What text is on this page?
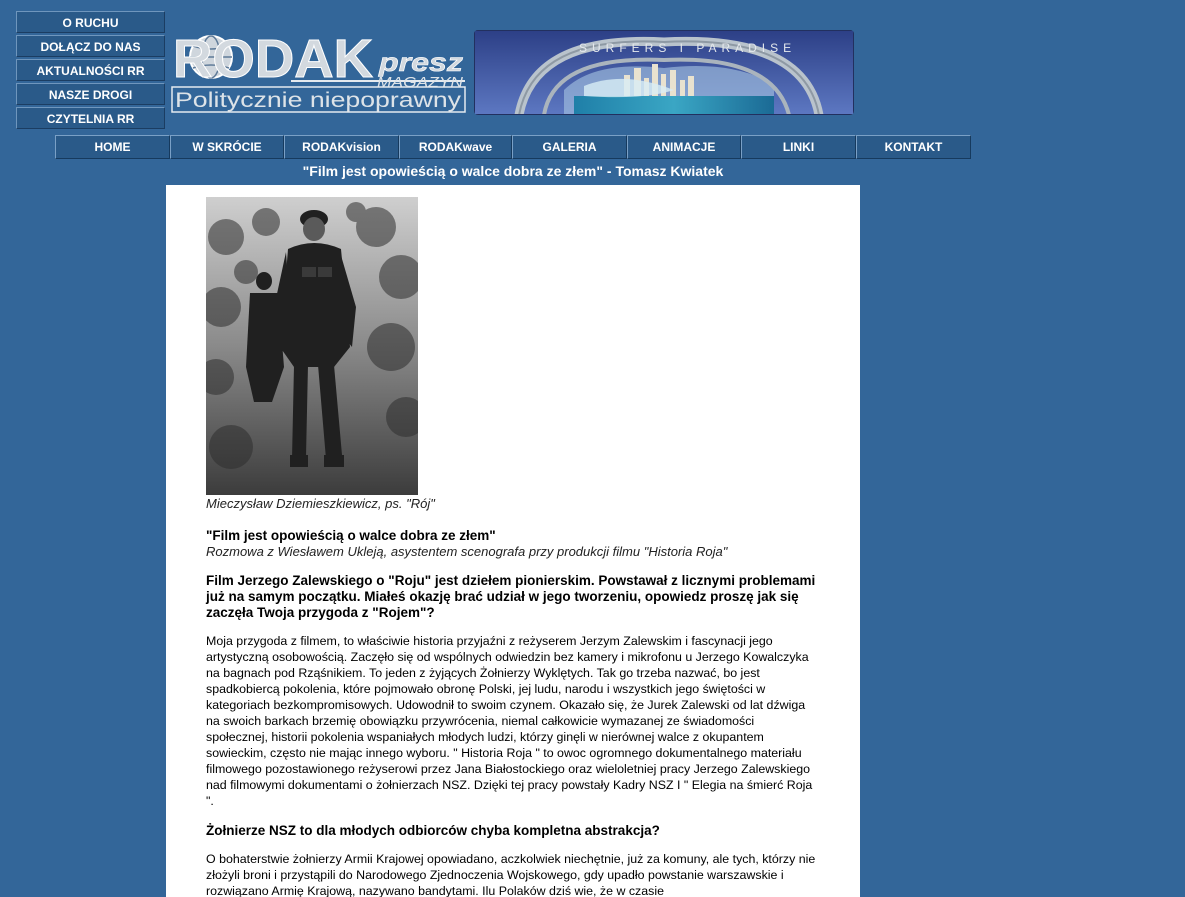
O RUCHU
DOŁĄCZ DO NAS
AKTUALNOŚCI RR
NASZE DROGI
CZYTELNIA RR
RODAK presz
MAGAZYN
Politycznie niepoprawny
SURFERS I PARADISE
HOME	W SKRÓCIE	RODAKvision	RODAKwave	GALERIA	ANIMACJE	LINKI	KONTAKT
"Film jest opowieścią o walce dobra ze złem" - Tomasz Kwiatek
Mieczysław Dziemieszkiewicz, ps. "Rój"
"Film jest opowieścią o walce dobra ze złem"
Rozmowa z Wiesławem Uklеją, asystentem scenografa przy produkcji filmu "Historia Roja"
Film Jerzego Zalewskiego o "Roju" jest dziełem pionierskim. Powstawał z licznymi problemami już na samym początku. Miałeś okazję brać udział w jego tworzeniu, opowiedz proszę jak się zaczęła Twoja przygoda z "Rojem"?
Moja przygoda z filmem, to właściwie historia przyjaźni z reżyserem Jerzym Zalewskim i fascynacji jego artystyczną osobowością. Zaczęło się od wspólnych odwiedzin bez kamery i mikrofonu u Jerzego Kowalczyka na bagnach pod Rząśnikiem. To jeden z żyjących Żołnierzy Wyklętych. Tak go trzeba nazwać, bo jest spadkobiercą pokolenia, które pojmowało obronę Polski, jej ludu, narodu i wszystkich jego świętości w kategoriach bezkompromisowych. Udowodnił to swoim czynem. Okazało się, że Jurek Zalewski od lat dźwiga na swoich barkach brzemię obowiązku przywrócenia, niemal całkowicie wymazanej ze świadomości społecznej, historii pokolenia wspaniałych młodych ludzi, którzy ginęli w nierównej walce z okupantem sowieckim, często nie mając innego wyboru. " Historia Roja " to owoc ogromnego dokumentalnego materiału filmowego pozostawionego reżyserowi przez Jana Białostockiego oraz wieloletniej pracy Jerzego Zalewskiego nad filmowymi dokumentami o żołnierzach NSZ. Dzięki tej pracy powstały Kadry NSZ I " Elegia na śmierć Roja ".
Żołnierze NSZ to dla młodych odbiorców chyba kompletna abstrakcja?
O bohaterstwie żołnierzy Armii Krajowej opowiadano, aczkolwiek niechętnie, już za komuny, ale tych, którzy nie złożyli broni i przystąpili do Narodowego Zjednoczenia Wojskowego, gdy upadło powstanie warszawskie i rozwiązano Armię Krajową, nazywano bandytami. Ilu Polaków dziś wie, że w czasie
